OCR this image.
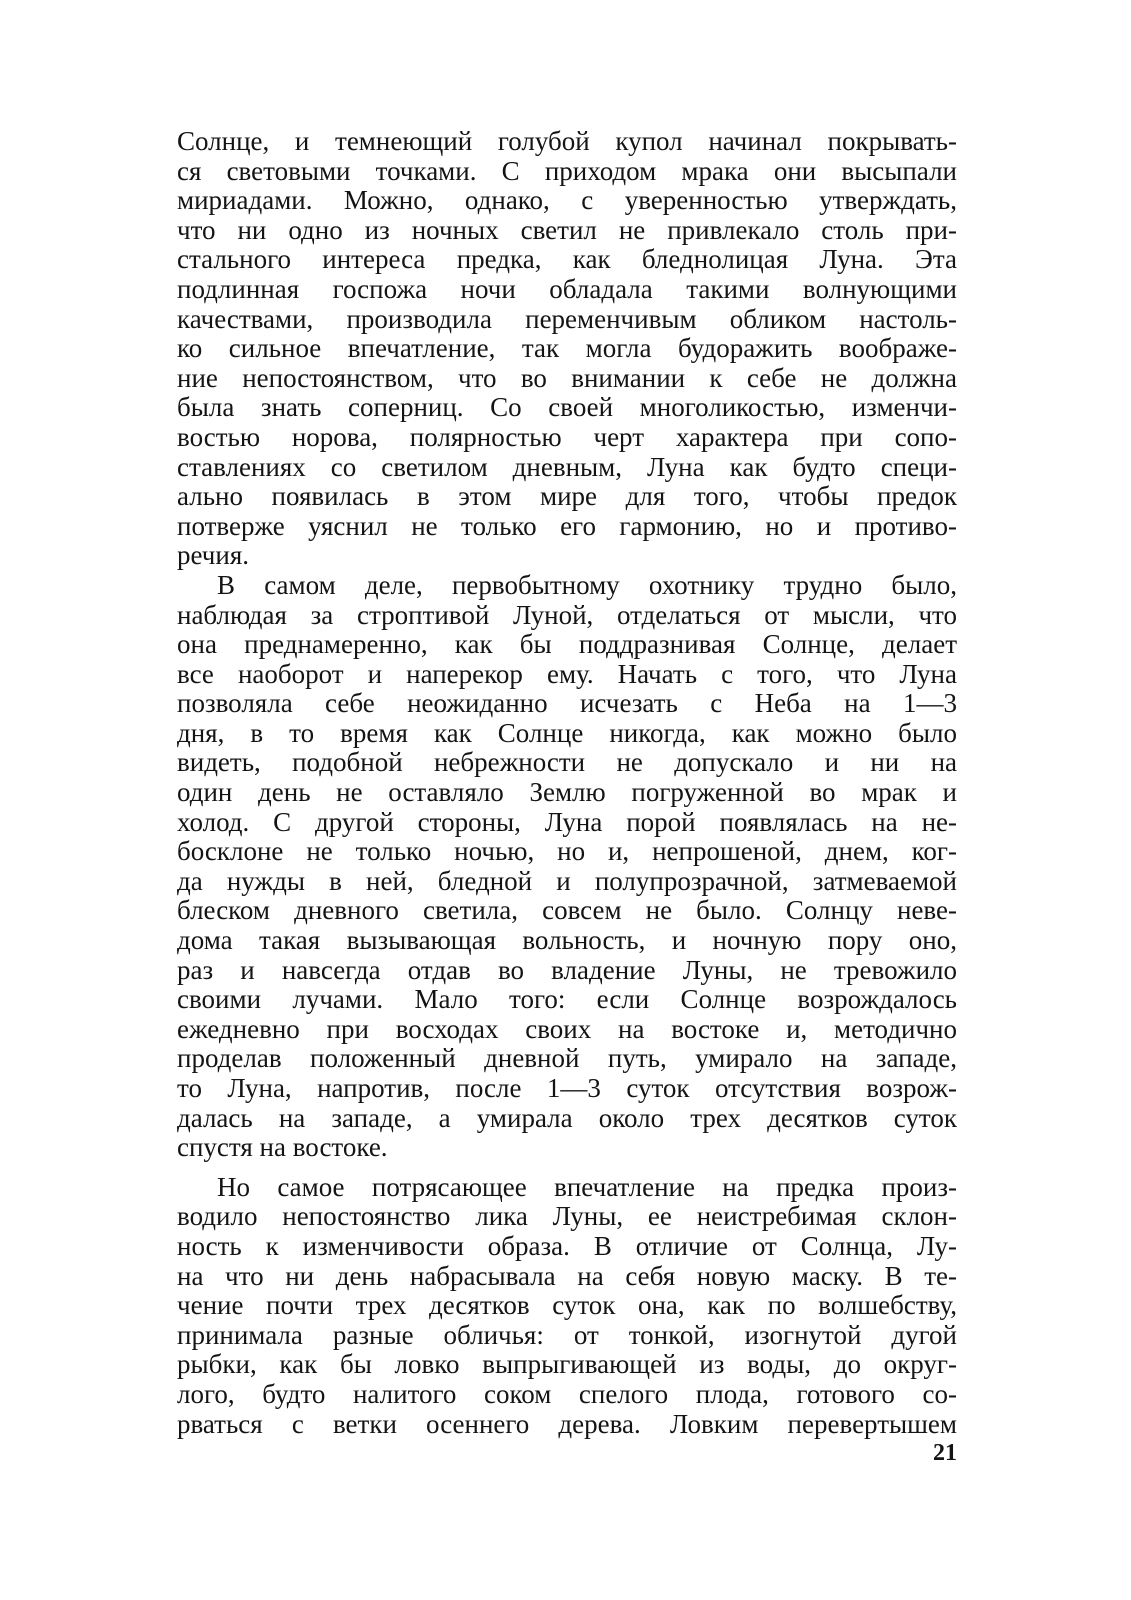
Солнце, и темнеющий голубой купол начинал покрывать-
ся световыми точками. С приходом мрака они высыпали
мириадами. Можно, однако, с уверенностью утверждать,
что ни одно из ночных светил не привлекало столь при-
стального интереса предка, как бледнолицая Луна. Эта
подлинная госпожа ночи обладала такими волнующими
качествами, производила переменчивым обликом настоль-
ко сильное впечатление, так могла будоражить воображе-
ние непостоянством, что во внимании к себе не должна
была знать соперниц. Со своей многоликостью, изменчи-
востью норова, полярностью черт характера при сопо-
ставлениях со светилом дневным, Луна как будто специ-
ально появилась в этом мире для того, чтобы предок
потверже уяснил не только его гармонию, но и противо-
речия.
В самом деле, первобытному охотнику трудно было,
наблюдая за строптивой Луной, отделаться от мысли, что
она преднамеренно, как бы поддразнивая Солнце, делает
все наоборот и наперекор ему. Начать с того, что Луна
позволяла себе неожиданно исчезать с Неба на 1—3
дня, в то время как Солнце никогда, как можно было
видеть, подобной небрежности не допускало и ни на
один день не оставляло Землю погруженной во мрак и
холод. С другой стороны, Луна порой появлялась на не-
босклоне не только ночью, но и, непрошеной, днем, ког-
да нужды в ней, бледной и полупрозрачной, затмеваемой
блеском дневного светила, совсем не было. Солнцу неве-
дома такая вызывающая вольность, и ночную пору оно,
раз и навсегда отдав во владение Луны, не тревожило
своими лучами. Мало того: если Солнце возрождалось
ежедневно при восходах своих на востоке и, методично
проделав положенный дневной путь, умирало на западе,
то Луна, напротив, после 1—3 суток отсутствия возрож-
далась на западе, а умирала около трех десятков суток
спустя на востоке.
Но самое потрясающее впечатление на предка произ-
водило непостоянство лика Луны, ее неистребимая склон-
ность к изменчивости образа. В отличие от Солнца, Лу-
на что ни день набрасывала на себя новую маску. В те-
чение почти трех десятков суток она, как по волшебству,
принимала разные обличья: от тонкой, изогнутой дугой
рыбки, как бы ловко выпрыгивающей из воды, до округ-
лого, будто налитого соком спелого плода, готового со-
рваться с ветки осеннего дерева. Ловким перевертышем
21
